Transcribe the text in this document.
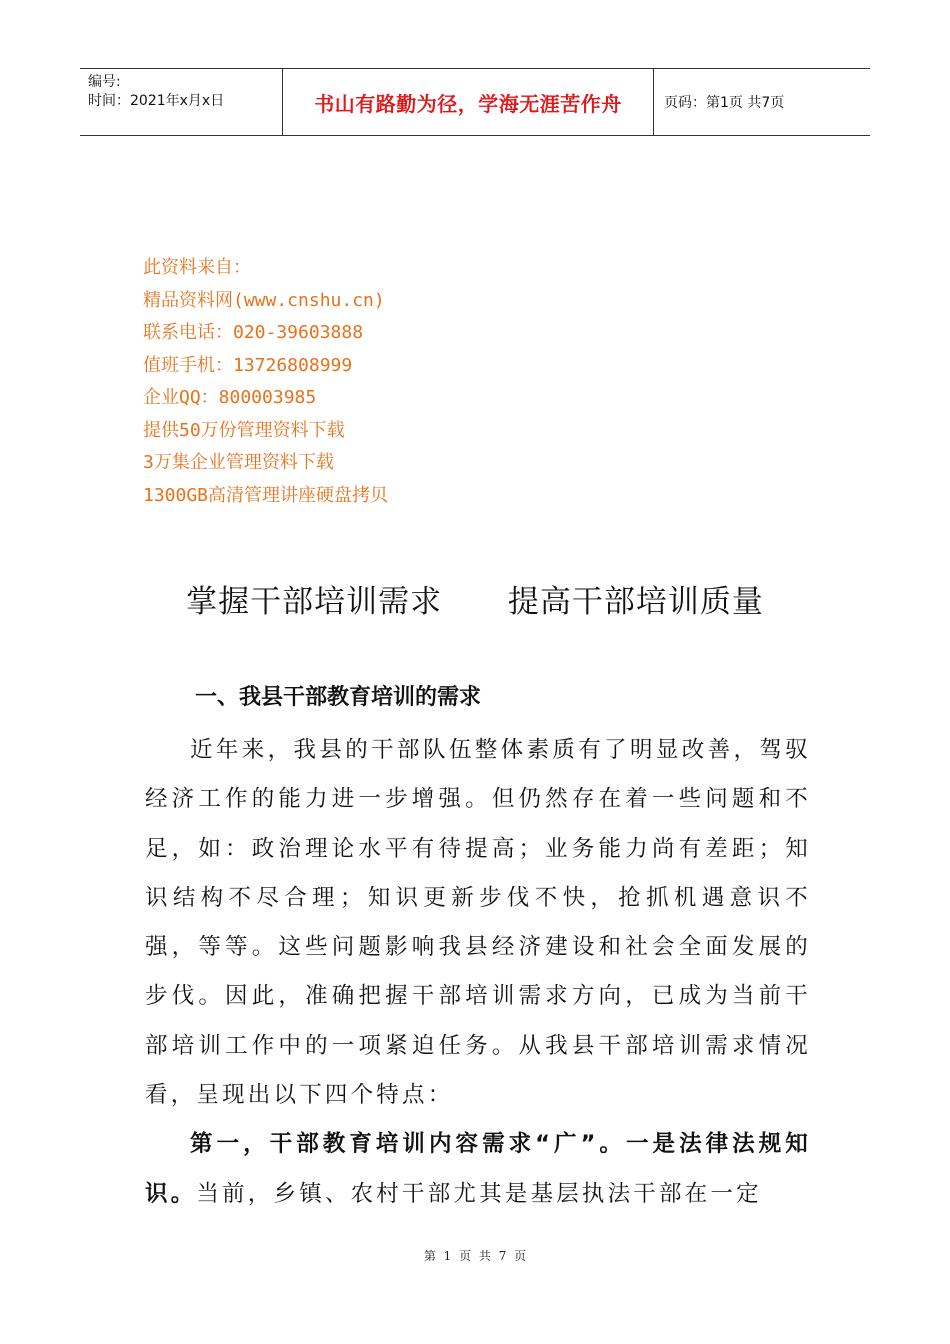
编号:
时间：2021年x月x日	书山有路勤为径，学海无涯苦作舟	页码：第1页 共7页
此资料来自：
精品资料网(www.cnshu.cn)
联系电话：020-39603888
值班手机：13726808999
企业QQ：800003985
提供50万份管理资料下载
3万集企业管理资料下载
1300GB高清管理讲座硬盘拷贝
掌握干部培训需求  提高干部培训质量
一、我县干部教育培训的需求

近年来，我县的干部队伍整体素质有了明显改善，驾驭经济工作的能力进一步增强。但仍然存在着一些问题和不足，如：政治理论水平有待提高；业务能力尚有差距；知识结构不尽合理；知识更新步伐不快，抢抓机遇意识不强，等等。这些问题影响我县经济建设和社会全面发展的步伐。因此，准确把握干部培训需求方向，已成为当前干部培训工作中的一项紧迫任务。从我县干部培训需求情况看，呈现出以下四个特点：

第一，干部教育培训内容需求“广”。一是法律法规知识。当前，乡镇、农村干部尤其是基层执法干部在一定

第 1 页 共 7 页
